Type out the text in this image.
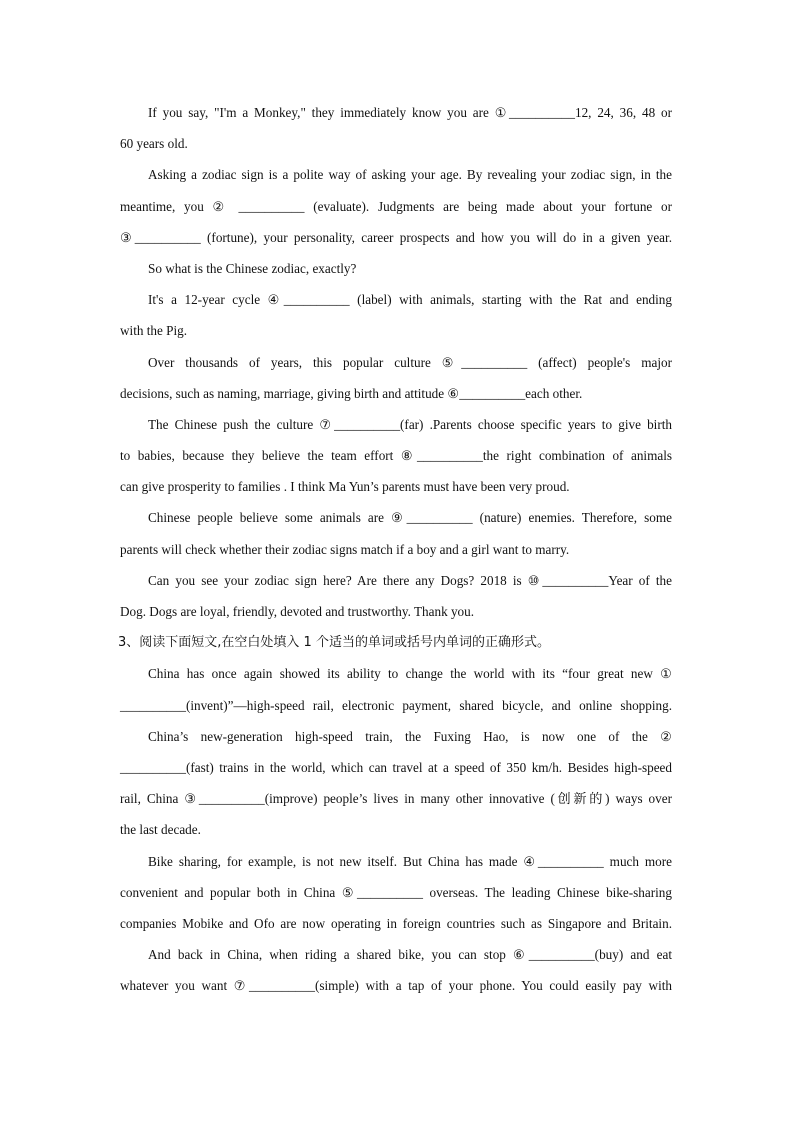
If you say, "I'm a Monkey," they immediately know you are ①__________12, 24, 36, 48 or
60 years old.
Asking a zodiac sign is a polite way of asking your age. By revealing your zodiac sign, in the
meantime, you ② __________ (evaluate). Judgments are being made about your fortune or
③__________ (fortune), your personality, career prospects and how you will do in a given year.
So what is the Chinese zodiac, exactly?
It's a 12-year cycle ④__________ (label) with animals, starting with the Rat and ending
with the Pig.
Over thousands of years, this popular culture ⑤__________ (affect) people's major
decisions, such as naming, marriage, giving birth and attitude ⑥__________each other.
The Chinese push the culture ⑦__________(far) .Parents choose specific years to give birth
to babies, because they believe the team effort ⑧__________the right combination of animals
can give prosperity to families . I think Ma Yun’s parents must have been very proud.
Chinese people believe some animals are ⑨__________ (nature) enemies. Therefore, some
parents will check whether their zodiac signs match if a boy and a girl want to marry.
Can you see your zodiac sign here? Are there any Dogs? 2018 is ⑩__________Year of the
Dog. Dogs are loyal, friendly, devoted and trustworthy. Thank you.
3、阅读下面短文,在空白处填入 1 个适当的单词或括号内单词的正确形式。
China has once again showed its ability to change the world with its “four great new ①
__________(invent)”—high-speed rail, electronic payment, shared bicycle, and online shopping.
China’s new-generation high-speed train, the Fuxing Hao, is now one of the ②
__________(fast) trains in the world, which can travel at a speed of 350 km/h. Besides high-speed
rail, China ③__________(improve) people’s lives in many other innovative (创新的) ways over
the last decade.
Bike sharing, for example, is not new itself. But China has made ④__________ much more
convenient and popular both in China ⑤__________ overseas. The leading Chinese bike-sharing
companies Mobike and Ofo are now operating in foreign countries such as Singapore and Britain.
And back in China, when riding a shared bike, you can stop ⑥__________(buy) and eat
whatever you want ⑦__________(simple) with a tap of your phone. You could easily pay with
